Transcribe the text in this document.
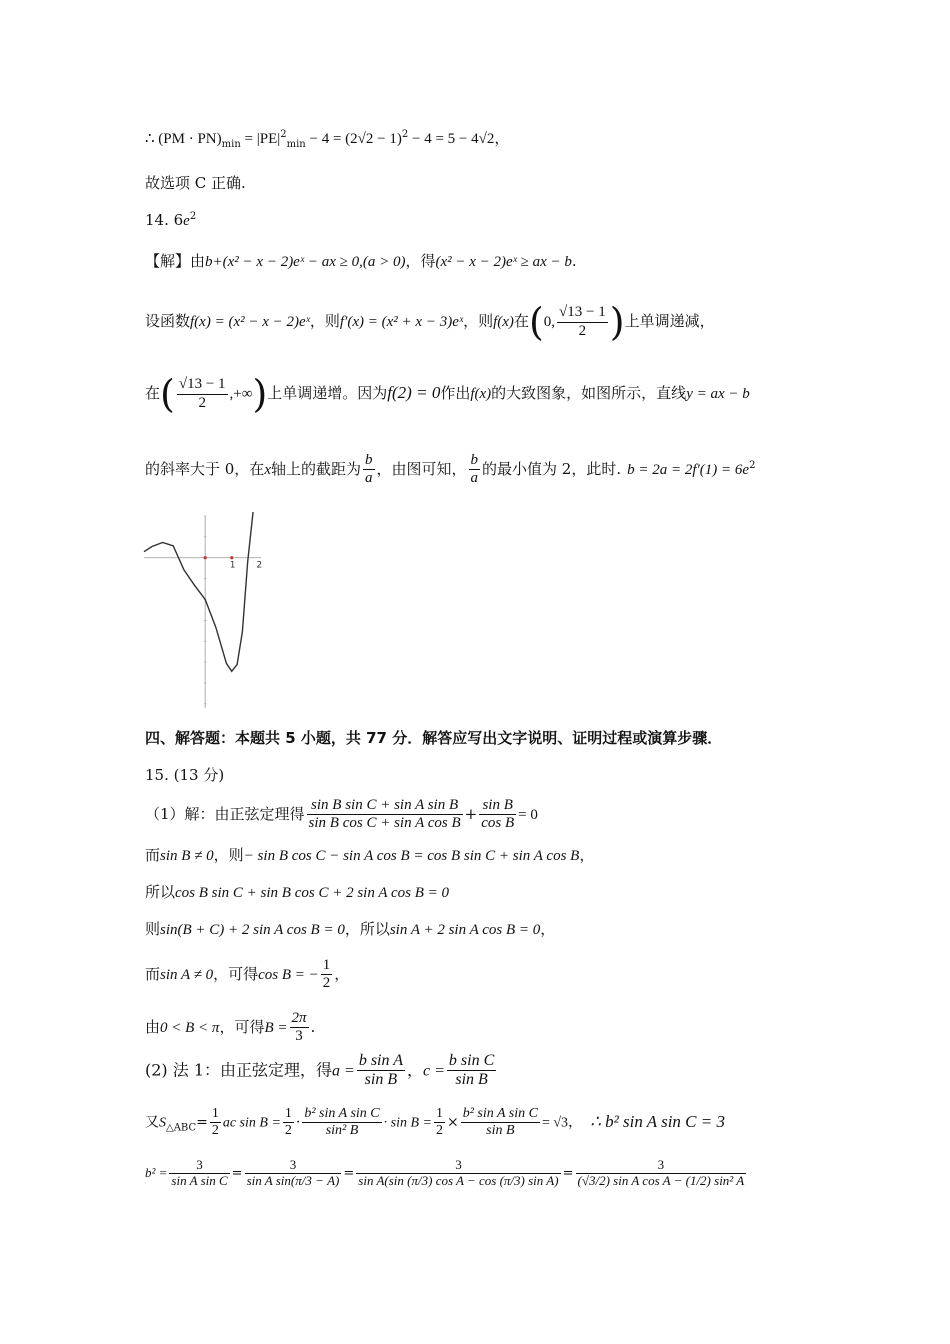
∴ $(PM \cdot PN)_{min} = |PE|^2_{min} - 4 = (2√2 - 1)^2 - 4 = 5 - 4√2$，
故选项 C 正确.
14. $6e^2$
【解】由b+(x² − x − 2)eˣ − ax ≥ 0,(a > 0)，得(x² − x − 2)eˣ ≥ ax − b.
设函数f(x) = (x² − x − 2)eˣ，则f′(x) = (x² + x − 3)eˣ，则f(x)在(0, $\frac{√13 - 1}{2}$ )上单调递减，
在( $\frac{√13 - 1}{2}$ ,+∞)上单调递增。因为f(2) = 0作出f(x)的大致图象，如图所示，直线y = ax − b
的斜率大于 0，在x轴上的截距为 $\frac{b}{a}$ ，由图可知， $\frac{b}{a}$ 的最小值为 2，此时. $b = 2a = 2f'(1) = 6e^2$
1 2
四、解答题：本题共 5 小题，共 77 分．解答应写出文字说明、证明过程或演算步骤．
15. (13 分)
（1）解：由正弦定理得 $\frac{\text{sin B sin C + sin A sin B}}{\text{sin B cos C + sin A cos B}} + \frac{\text{sin B}}{\text{cos B}} = 0$
而sin B ≠ 0，则− sin B cos C − sin A cos B = cos B sin C + sin A cos B，
所以cos B sin C + sin B cos C + 2 sin A cos B = 0
则sin(B + C) + 2 sin A cos B = 0，所以sin A + 2 sin A cos B = 0，
而sin A ≠ 0，可得cos B = − $\frac{1}{2}$ ，
由0 < B < π，可得$B = \frac{2\pi}{3}$ .
(2) 法 1：由正弦定理，得$a = \frac{\text{b sin A}}{\text{sin B}}$ ，$c = \frac{\text{b sin C}}{\text{sin B}}$
又$S_{\triangle ABC}= \frac{1}{2}$ ac $\sin B = \frac{1}{2} \cdot \frac{\text{b² sin A sin C}}{\text{sin² B}} \cdot \sin B = \frac{1}{2} \times \frac{\text{b² sin A sin C}}{\text{sin B}} = √3$， ∴ b² sin A sin C = 3
$b^2 = \frac{3}{\text{sin A sin C}} = \frac{3}{\text{sin A sin(π/3 − A)}} = \frac{3}{\text{sin A(sin (π/3) cos A − cos (π/3) sin A)}} = \frac{3}{\text{(√3/2) sin A cos A − (1/2) sin² A}}$
